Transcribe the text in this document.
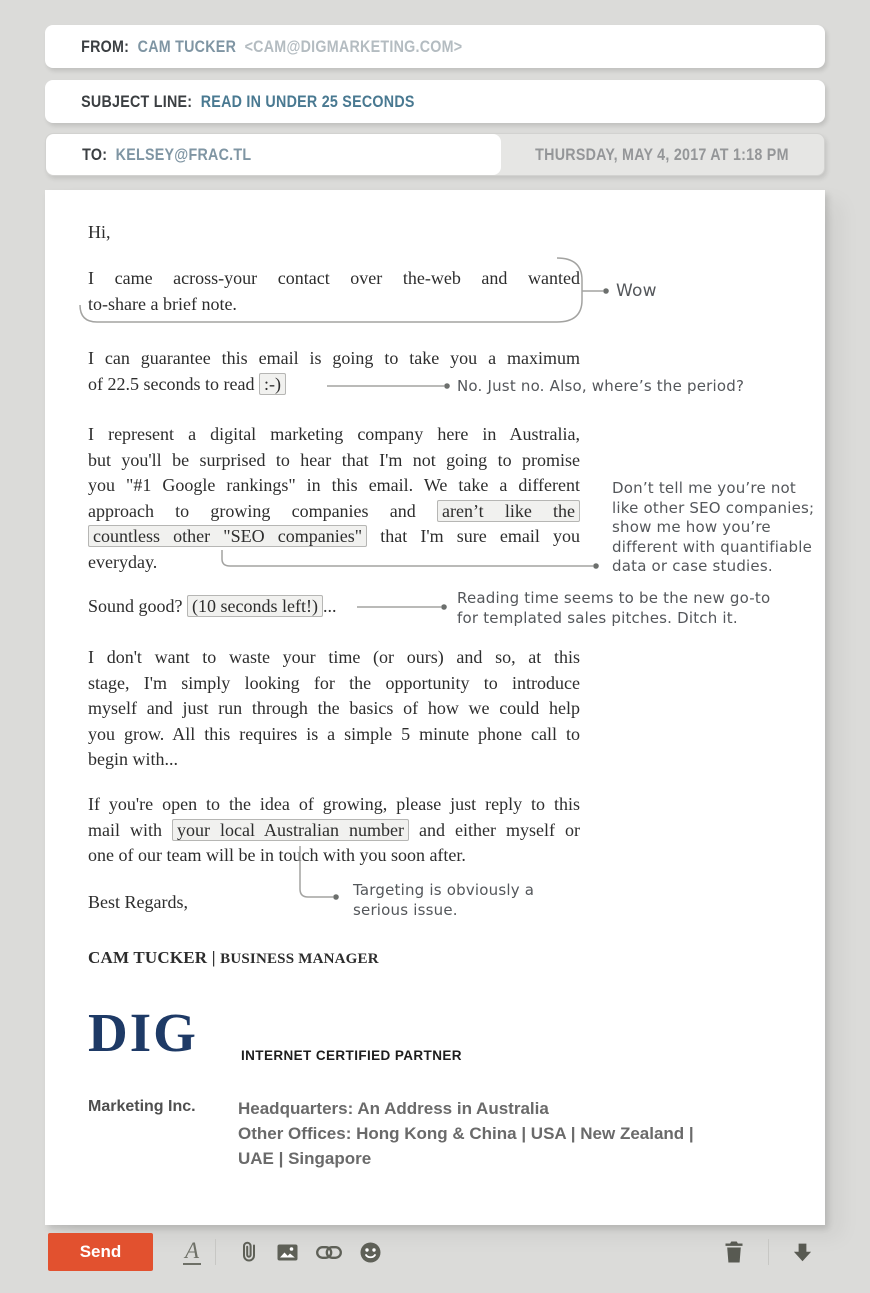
FROM: CAM TUCKER <CAM@DIGMARKETING.COM>
SUBJECT LINE: READ IN UNDER 25 SECONDS
TO: KELSEY@FRAC.TL	THURSDAY, MAY 4, 2017 AT 1:18 PM
Hi,
I came across-your contact over the-web and wanted
to-share a brief note.
I can guarantee this email is going to take you a maximum
of 22.5 seconds to read :-)
I represent a digital marketing company here in Australia,
but you'll be surprised to hear that I'm not going to promise
you "#1 Google rankings" in this email. We take a different
approach to growing companies and aren’t like the
countless other "SEO companies" that I'm sure email you
everyday.
Sound good? (10 seconds left!) ...
I don't want to waste your time (or ours) and so, at this
stage, I'm simply looking for the opportunity to introduce
myself and just run through the basics of how we could help
you grow. All this requires is a simple 5 minute phone call to
begin with...
If you're open to the idea of growing, please just reply to this
mail with your local Australian number and either myself or
one of our team will be in touch with you soon after.
Best Regards,
CAM TUCKER | BUSINESS MANAGER
Wow
No. Just no. Also, where’s the period?
Don’t tell me you’re not
like other SEO companies;
show me how you’re
different with quantifiable
data or case studies.
Reading time seems to be the new go-to
for templated sales pitches. Ditch it.
Targeting is obviously a
serious issue.
DIG	INTERNET CERTIFIED PARTNER
Marketing Inc. Headquarters: An Address in Australia
Other Offices: Hong Kong & China | USA | New Zealand |
UAE | Singapore
Send	A
